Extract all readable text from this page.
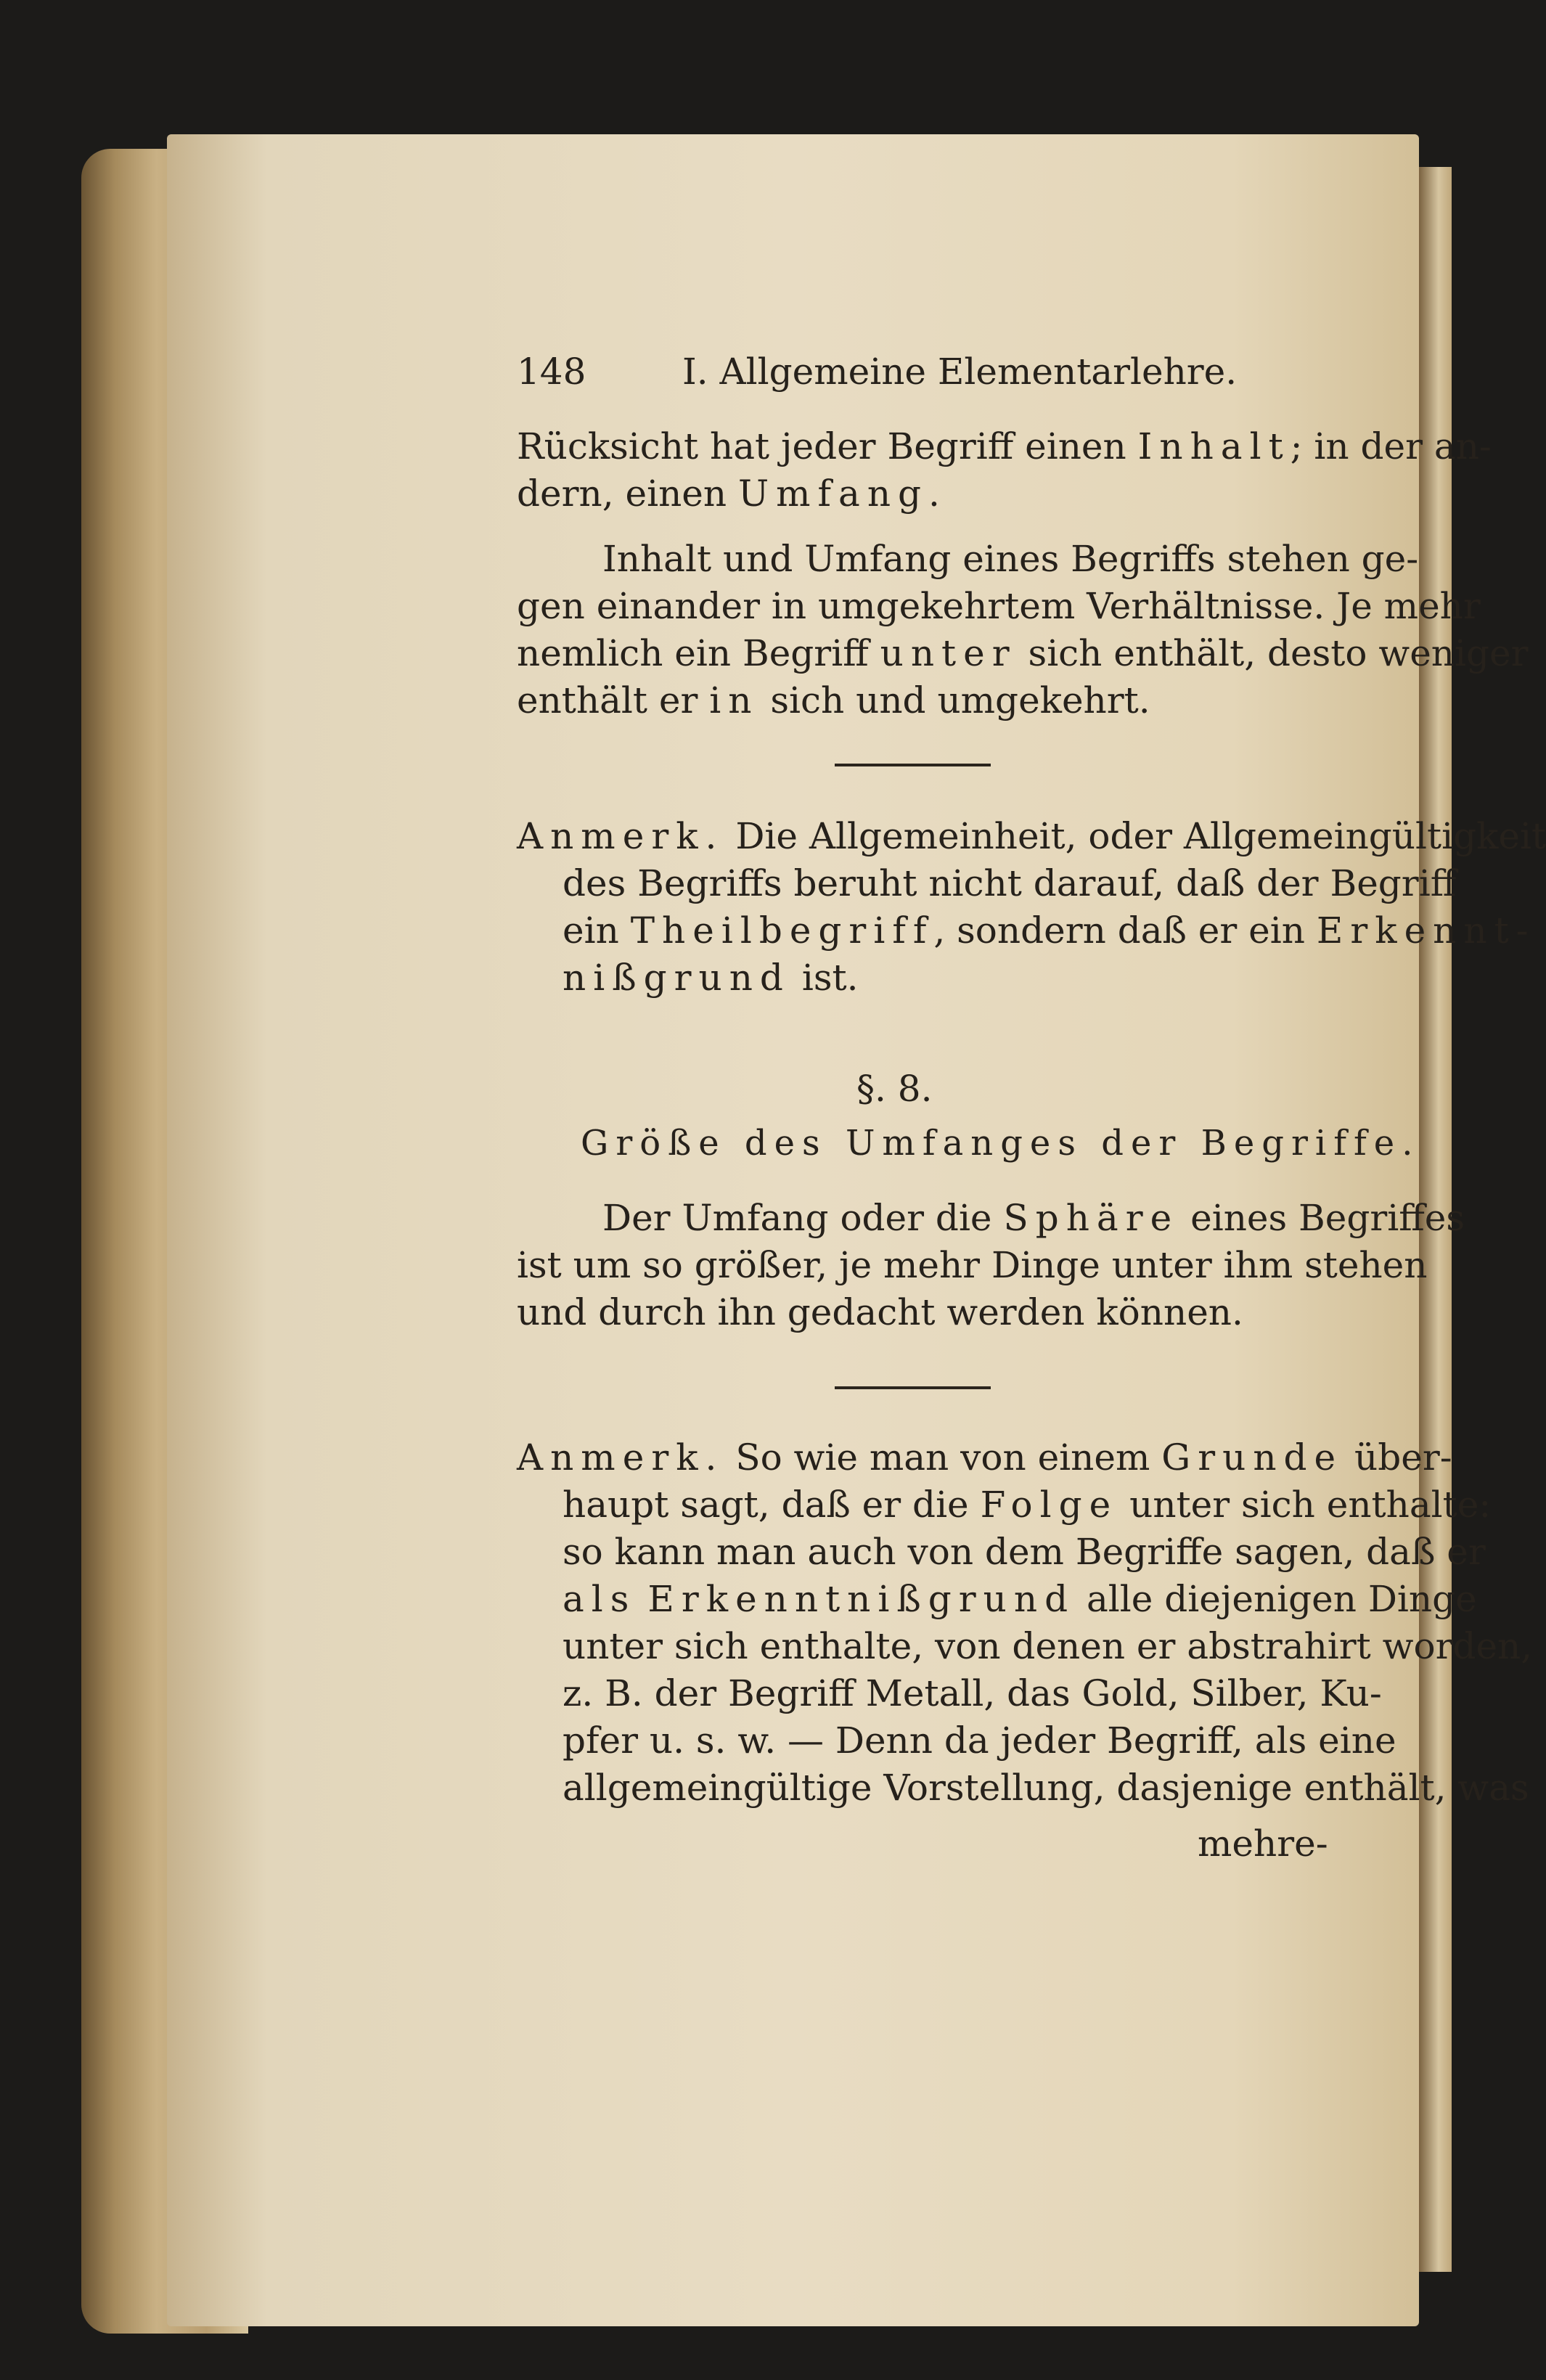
148	I. Allgemeine Elementarlehre.
Rücksicht hat jeder Begriff einen Inhalt; in der an-
dern, einen Umfang.
Inhalt und Umfang eines Begriffs stehen ge-
gen einander in umgekehrtem Verhältnisse. Je mehr
nemlich ein Begriff unter sich enthält, desto weniger
enthält er in sich und umgekehrt.
Anmerk. Die Allgemeinheit, oder Allgemeingültigkeit
des Begriffs beruht nicht darauf, daß der Begriff
ein Theilbegriff, sondern daß er ein Erkennt-
nißgrund ist.
§. 8.
Größe des Umfanges der Begriffe.
Der Umfang oder die Sphäre eines Begriffes
ist um so größer, je mehr Dinge unter ihm stehen
und durch ihn gedacht werden können.
Anmerk. So wie man von einem Grunde über-
haupt sagt, daß er die Folge unter sich enthalte:
so kann man auch von dem Begriffe sagen, daß er
als Erkenntnißgrund alle diejenigen Dinge
unter sich enthalte, von denen er abstrahirt worden,
z. B. der Begriff Metall, das Gold, Silber, Ku-
pfer u. s. w. — Denn da jeder Begriff, als eine
allgemeingültige Vorstellung, dasjenige enthält, was
mehre-
